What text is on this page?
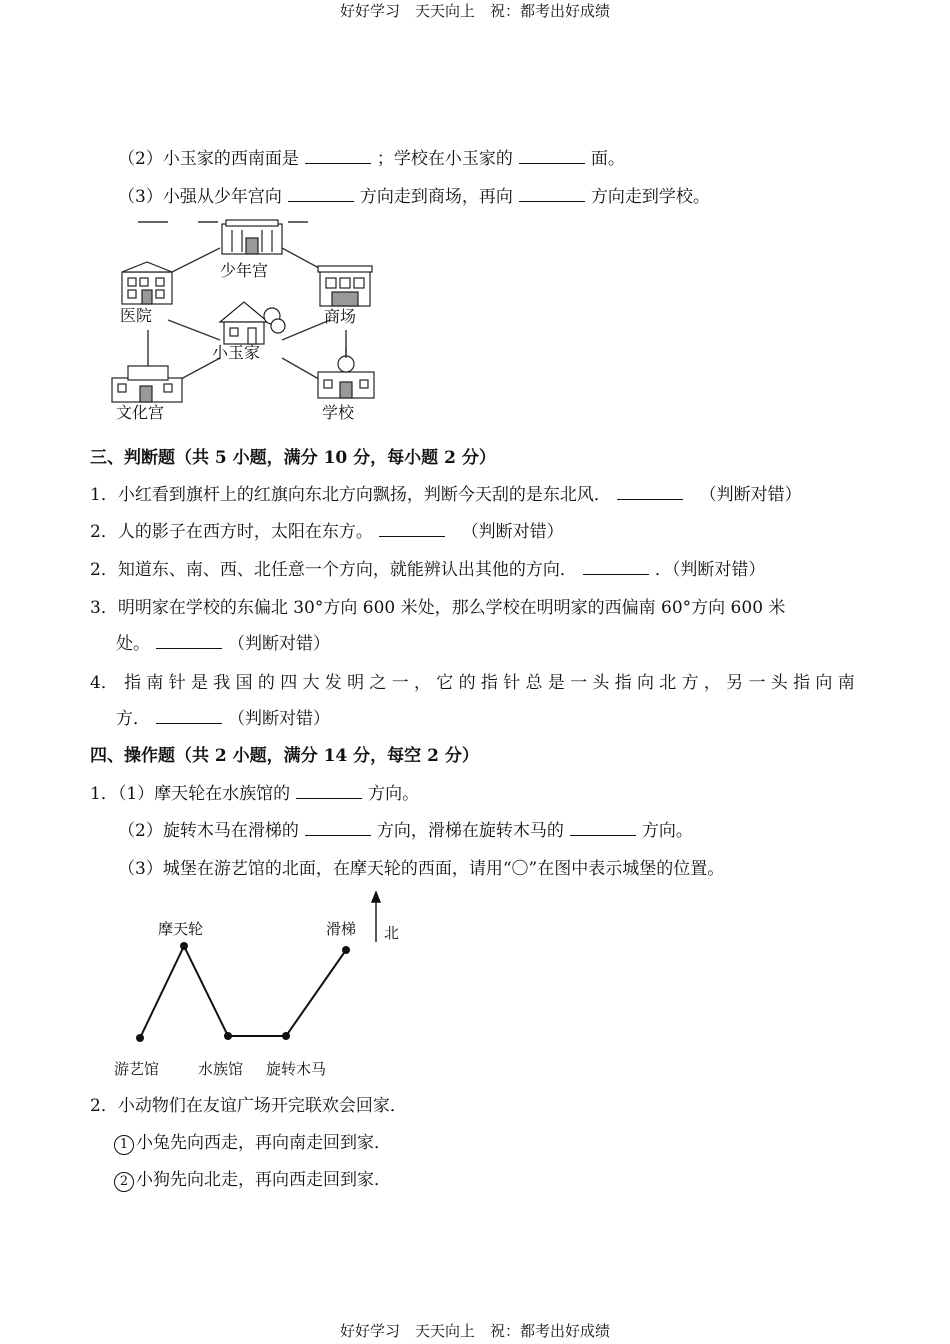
好好学习　天天向上　祝：都考出好成绩
（2）小玉家的西南面是	；学校在小玉家的	面。
（3）小强从少年宫向	方向走到商场，再向	方向走到学校。
少年宫
医院	商场
小玉家
文化宫	学校
三、判断题（共 5 小题，满分 10 分，每小题 2 分）
1．小红看到旗杆上的红旗向东北方向飘扬，判断今天刮的是东北风．	（判断对错）
2．人的影子在西方时，太阳在东方。	（判断对错）
2．知道东、南、西、北任意一个方向，就能辨认出其他的方向．	．（判断对错）
3．明明家在学校的东偏北 30°方向 600 米处，那么学校在明明家的西偏南 60°方向 600 米
处。	（判断对错）
4． 指南针是我国的四大发明之一，它的指针总是一头指向北方，另一头指向南
方．	（判断对错）
四、操作题（共 2 小题，满分 14 分，每空 2 分）
1．（1）摩天轮在水族馆的	方向。
（2）旋转木马在滑梯的	方向，滑梯在旋转木马的	方向。
（3）城堡在游艺馆的北面，在摩天轮的西面，请用“〇”在图中表示城堡的位置。
摩天轮	滑梯 北
游艺馆	水族馆 旋转木马
2．小动物们在友谊广场开完联欢会回家．
1 小兔先向西走，再向南走回到家．
2 小狗先向北走，再向西走回到家．
好好学习　天天向上　祝：都考出好成绩
